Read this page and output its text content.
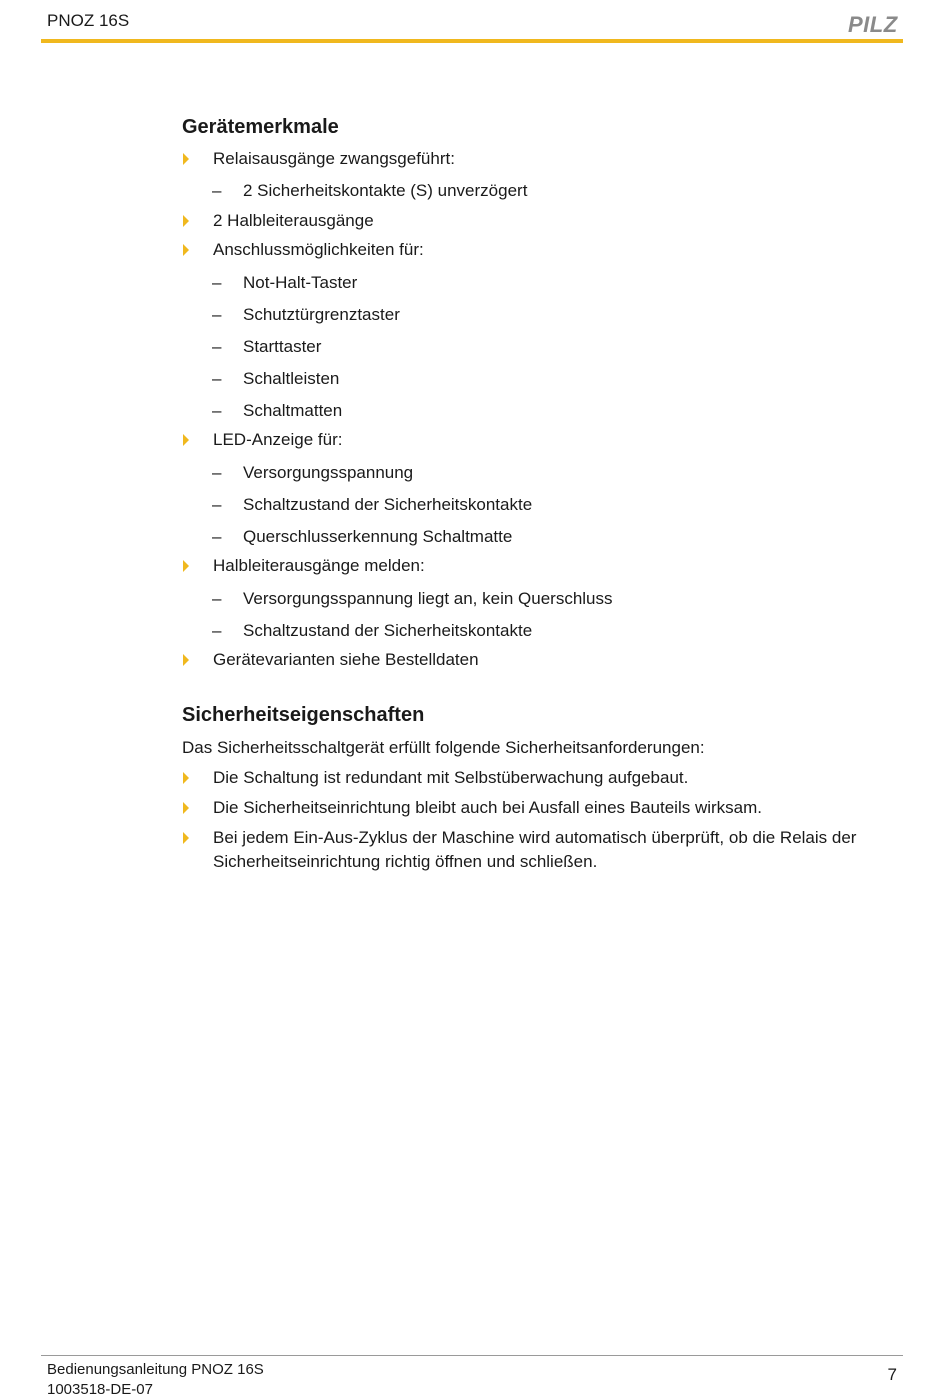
PNOZ 16S	PILZ
Gerätemerkmale
Relaisausgänge zwangsgeführt:
– 2 Sicherheitskontakte (S) unverzögert
2 Halbleiterausgänge
Anschlussmöglichkeiten für:
– Not-Halt-Taster
– Schutztürgrenztaster
– Starttaster
– Schaltleisten
– Schaltmatten
LED-Anzeige für:
– Versorgungsspannung
– Schaltzustand der Sicherheitskontakte
– Querschlusserkennung Schaltmatte
Halbleiterausgänge melden:
– Versorgungsspannung liegt an, kein Querschluss
– Schaltzustand der Sicherheitskontakte
Gerätevarianten siehe Bestelldaten
Sicherheitseigenschaften
Das Sicherheitsschaltgerät erfüllt folgende Sicherheitsanforderungen:
Die Schaltung ist redundant mit Selbstüberwachung aufgebaut.
Die Sicherheitseinrichtung bleibt auch bei Ausfall eines Bauteils wirksam.
Bei jedem Ein-Aus-Zyklus der Maschine wird automatisch überprüft, ob die Relais der Sicherheitseinrichtung richtig öffnen und schließen.
Bedienungsanleitung PNOZ 16S
1003518-DE-07
7
